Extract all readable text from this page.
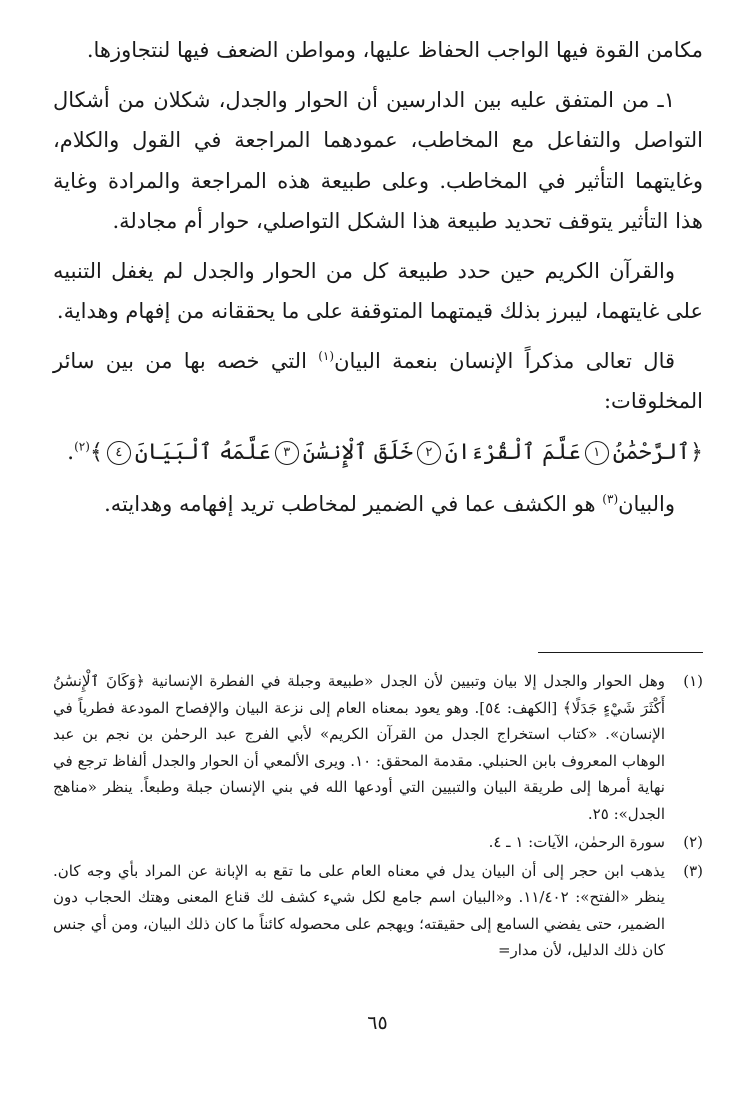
مكامن القوة فيها الواجب الحفاظ عليها، ومواطن الضعف فيها لنتجاوزها.

١ـ من المتفق عليه بين الدارسين أن الحوار والجدل، شكلان من أشكال التواصل والتفاعل مع المخاطب، عمودهما المراجعة في القول والكلام، وغايتهما التأثير في المخاطب. وعلى طبيعة هذه المراجعة والمرادة وغاية هذا التأثير يتوقف تحديد طبيعة هذا الشكل التواصلي، حوار أم مجادلة.

والقرآن الكريم حين حدد طبيعة كل من الحوار والجدل لم يغفل التنبيه على غايتهما، ليبرز بذلك قيمتهما المتوقفة على ما يحققانه من إفهام وهداية.

قال تعالى مذكراً الإنسان بنعمة البيان$^{(١)}$ التي خصه بها من بين سائر المخلوقات:

﴿ٱلرَّحْمَٰنُ١عَلَّمَ ٱلْقُرْءَانَ٢خَلَقَ ٱلْإِنسَٰنَ٣عَلَّمَهُ ٱلْبَيَانَ٤﴾$^{(٢)}$.

والبيان$^{(٣)}$ هو الكشف عما في الضمير لمخاطب تريد إفهامه وهدايته.

(١)
وهل الحوار والجدل إلا بيان وتبيين لأن الجدل «طبيعة وجبلة في الفطرة الإنسانية ﴿وَكَانَ ٱلْإِنسَٰنُ أَكْثَرَ شَيْءٍ جَدَلًا﴾ [الكهف: ٥٤]. وهو يعود بمعناه العام إلى نزعة البيان والإفصاح المودعة فطرياً في الإنسان». «كتاب استخراج الجدل من القرآن الكريم» لأبي الفرج عبد الرحمٰن بن نجم بن عبد الوهاب المعروف بابن الحنبلي. مقدمة المحقق: ١٠. ويرى الألمعي أن الحوار والجدل ألفاظ ترجع في نهاية أمرها إلى طريقة البيان والتبيين التي أودعها الله في بني الإنسان جبلة وطبعاً. ينظر «مناهج الجدل»: ٢٥.
(٢)
سورة الرحمٰن، الآيات: ١ ـ ٤.
(٣)
يذهب ابن حجر إلى أن البيان يدل في معناه العام على ما تقع به الإبانة عن المراد بأي وجه كان. ينظر «الفتح»: ١١/٤٠٢. و«البيان اسم جامع لكل شيء كشف لك قناع المعنى وهتك الحجاب دون الضمير، حتى يفضي السامع إلى حقيقته؛ ويهجم على محصوله كائناً ما كان ذلك البيان، ومن أي جنس كان ذلك الدليل، لأن مدار=
٦٥
